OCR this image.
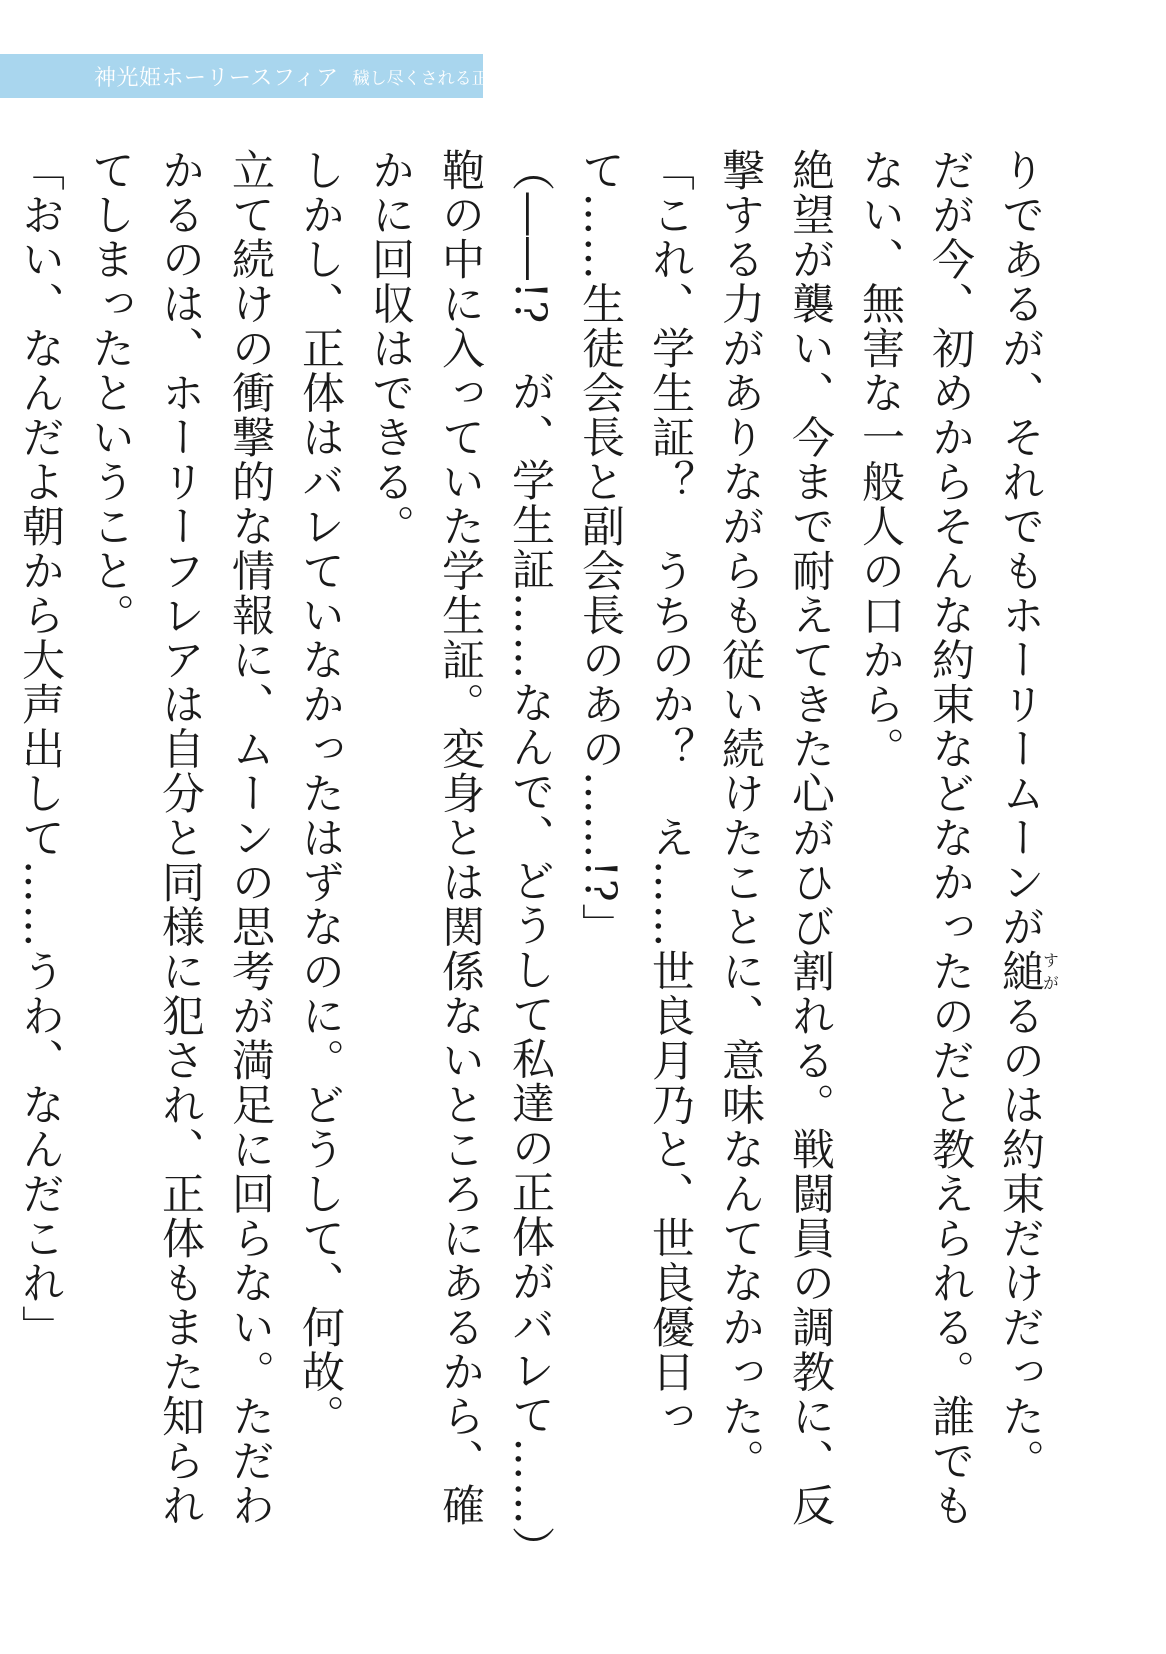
神光姫ホーリースフィア 穢し尽くされる正義

りであるが、それでもホーリームーンが縋すがるのは約束だけだった。

だが今、初めからそんな約束などなかったのだと教えられる。誰でもない、無害な一般人の口から。

絶望が襲い、今まで耐えてきた心がひび割れる。戦闘員の調教に、反撃する力がありながらも従い続けたことに、意味なんてなかった。

「これ、学生証？　うちのか？　え……世良月乃と、世良優日って……生徒会長と副会長のあの……!?」

（――!?　が、学生証……なんで、どうして私達の正体がバレて……）

鞄の中に入っていた学生証。変身とは関係ないところにあるから、確かに回収はできる。

しかし、正体はバレていなかったはずなのに。どうして、何故。

立て続けの衝撃的な情報に、ムーンの思考が満足に回らない。ただわかるのは、ホーリーフレアは自分と同様に犯され、正体もまた知られてしまったということ。

「おい、なんだよ朝から大声出して……うわ、なんだこれ」
